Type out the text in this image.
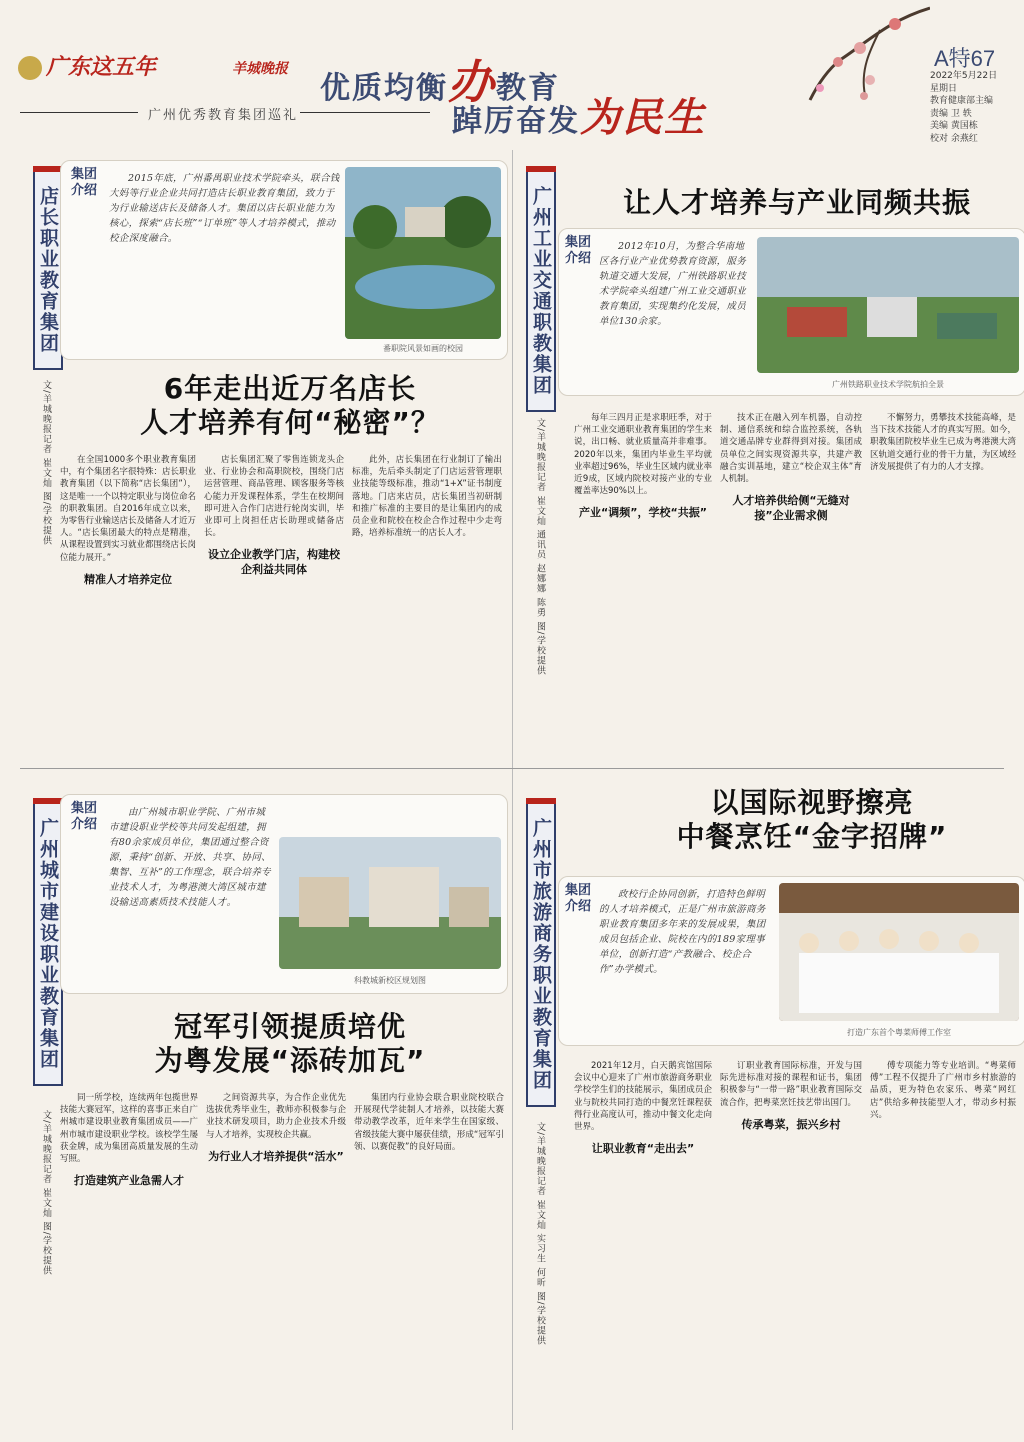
广东这五年	羊城晚报
优质均衡办教育
踔厉奋发为民生
广州优秀教育集团巡礼
A特67
2022年5月22日
星期日
教育健康部主编
责编 卫 轶
美编 黄国栋
校对 余燕红
店长职业教育集团
文/羊城晚报记者 崔文灿 图/学校提供
集团介绍
2015年底，广州番禺职业技术学院牵头，联合钱大妈等行业企业共同打造店长职业教育集团，致力于为行业输送店长及储备人才。集团以店长职业能力为核心，探索“店长班”“订单班”等人才培养模式，推动校企深度融合。
番职院风景如画的校园
6年走出近万名店长
人才培养有何“秘密”？

在全国1000多个职业教育集团中，有个集团名字很特殊：店长职业教育集团（以下简称“店长集团”），这是唯一一个以特定职业与岗位命名的职教集团。自2016年成立以来，为零售行业输送店长及储备人才近万人。“店长集团最大的特点是精准，从课程设置到实习就业都围绕店长岗位能力展开。”

精准人才培养定位

店长集团汇聚了零售连锁龙头企业、行业协会和高职院校，围绕门店运营管理、商品管理、顾客服务等核心能力开发课程体系，学生在校期间即可进入合作门店进行轮岗实训，毕业即可上岗担任店长助理或储备店长。

设立企业教学门店，构建校企利益共同体

此外，店长集团在行业制订了输出标准，先后牵头制定了门店运营管理职业技能等级标准，推动“1+X”证书制度落地。门店来店员，店长集团当初研制和推广标准的主要目的是让集团内的成员企业和院校在校企合作过程中少走弯路，培养标准统一的店长人才。

广州工业交通职教集团
文/羊城晚报记者 崔文灿 通讯员 赵娜娜 陈勇 图/学校提供
让人才培养与产业同频共振
集团介绍
2012年10月，为整合华南地区各行业产业优势教育资源，服务轨道交通大发展，广州铁路职业技术学院牵头组建广州工业交通职业教育集团，实现集约化发展，成员单位130余家。
广州铁路职业技术学院航拍全景

每年三四月正是求职旺季，对于广州工业交通职业教育集团的学生来说，出口畅、就业质量高并非难事。2020年以来，集团内毕业生平均就业率超过96%，毕业生区域内就业率近9成，区域内院校对接产业的专业覆盖率达90%以上。

产业“调频”，学校“共振”

技术正在融入列车机器，自动控制、通信系统和综合监控系统，各轨道交通品牌专业群得到对接。集团成员单位之间实现资源共享，共建产教融合实训基地，建立“校企双主体”育人机制。

人才培养供给侧“无缝对接”企业需求侧

不懈努力，勇攀技术技能高峰，是当下技术技能人才的真实写照。如今，职教集团院校毕业生已成为粤港澳大湾区轨道交通行业的骨干力量，为区域经济发展提供了有力的人才支撑。

广州城市建设职业教育集团
文/羊城晚报记者 崔文灿 图/学校提供
集团介绍
由广州城市职业学院、广州市城市建设职业学校等共同发起组建，拥有80余家成员单位，集团通过整合资源，秉持“创新、开放、共享、协同、集智、互补”的工作理念，联合培养专业技术人才，为粤港澳大湾区城市建设输送高素质技术技能人才。
科教城新校区规划图
冠军引领提质培优
为粤发展“添砖加瓦”

同一所学校，连续两年包揽世界技能大赛冠军，这样的喜事正来自广州城市建设职业教育集团成员——广州市城市建设职业学校。该校学生屡获金牌，成为集团高质量发展的生动写照。

打造建筑产业急需人才

之间资源共享，为合作企业优先选拔优秀毕业生，教师亦积极参与企业技术研发项目，助力企业技术升级与人才培养，实现校企共赢。

为行业人才培养提供“活水”

集团内行业协会联合职业院校联合开展现代学徒制人才培养，以技能大赛带动教学改革，近年来学生在国家级、省级技能大赛中屡获佳绩，形成“冠军引领、以赛促教”的良好局面。

广州市旅游商务职业教育集团
文/羊城晚报记者 崔文灿 实习生 何昕 图/学校提供
以国际视野擦亮
中餐烹饪“金字招牌”
集团介绍
政校行企协同创新，打造特色鲜明的人才培养模式，正是广州市旅游商务职业教育集团多年来的发展成果，集团成员包括企业、院校在内的189家理事单位，创新打造“产教融合、校企合作”办学模式。
打造广东首个粤菜师傅工作室

2021年12月，白天鹅宾馆国际会议中心迎来了广州市旅游商务职业学校学生们的技能展示，集团成员企业与院校共同打造的中餐烹饪课程获得行业高度认可，推动中餐文化走向世界。

让职业教育“走出去”

订职业教育国际标准，开发与国际先进标准对接的课程和证书，集团积极参与“一带一路”职业教育国际交流合作，把粤菜烹饪技艺带出国门。

传承粤菜，振兴乡村

傅专项能力等专业培训。“粤菜师傅”工程不仅提升了广州市乡村旅游的品质，更为特色农家乐、粤菜“网红店”供给多种技能型人才，带动乡村振兴。
